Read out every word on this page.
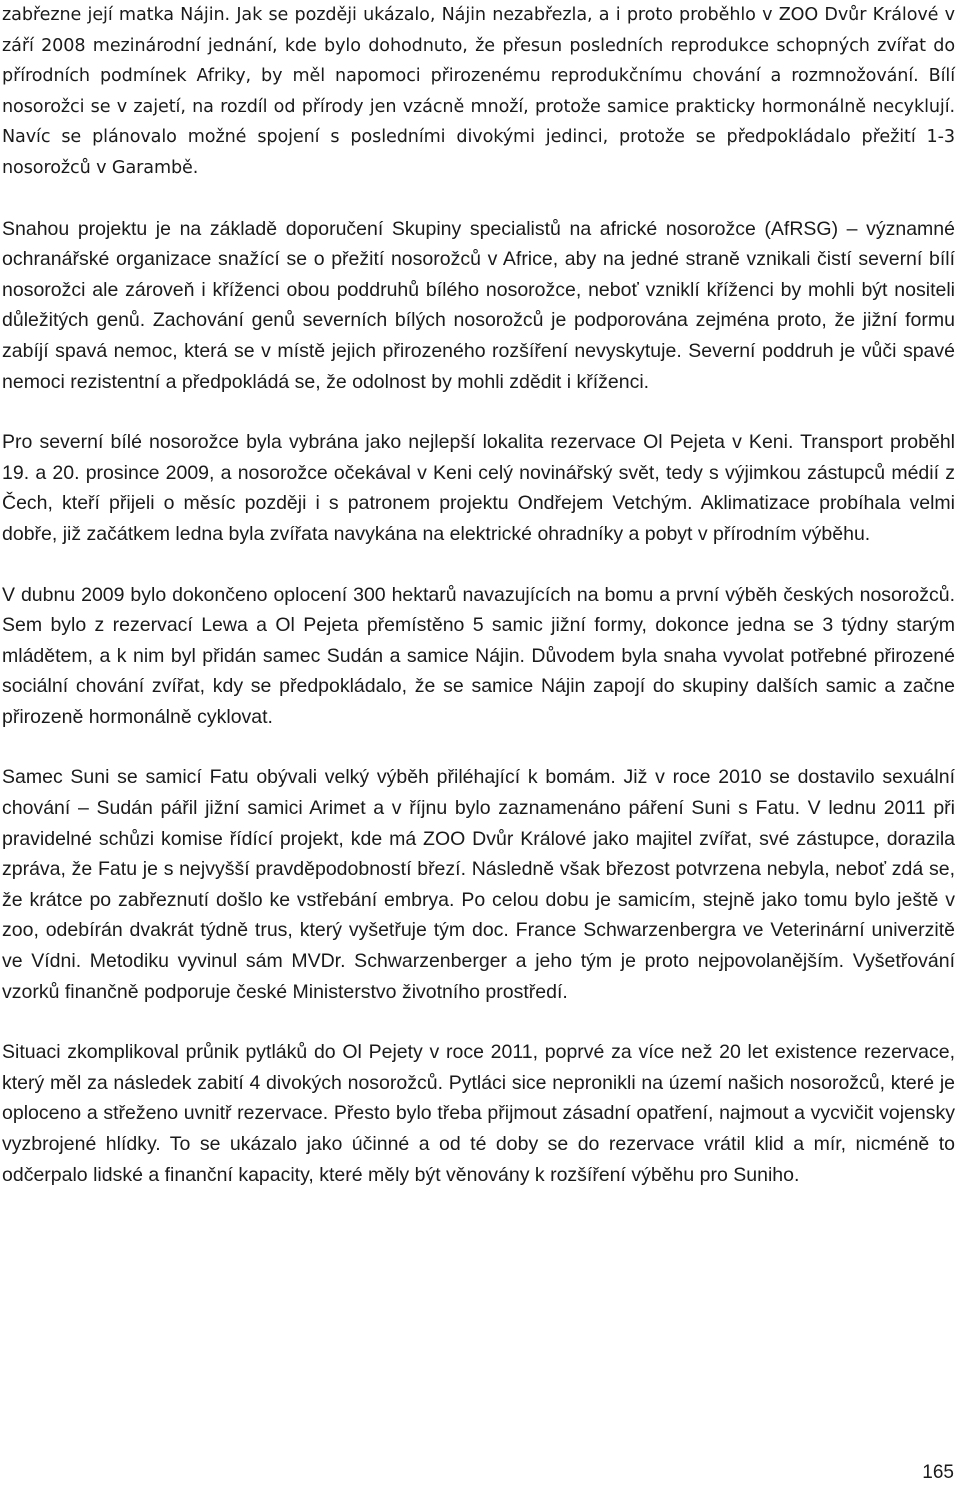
zabřezne její matka Nájin. Jak se později ukázalo, Nájin nezabřezla, a i proto proběhlo v ZOO Dvůr Králové v září 2008 mezinárodní jednání, kde bylo dohodnuto, že přesun posledních reprodukce schopných zvířat do přírodních podmínek Afriky, by měl napomoci přirozenému reprodukčnímu chování a rozmnožování. Bílí nosorožci se v zajetí, na rozdíl od přírody jen vzácně množí, protože samice prakticky hormonálně necyklují. Navíc se plánovalo možné spojení s posledními divokými jedinci, protože se předpokládalo přežití 1-3 nosorožců v Garambě.

Snahou projektu je na základě doporučení Skupiny specialistů na africké nosorožce (AfRSG) – významné ochranářské organizace snažící se o přežití nosorožců v Africe, aby na jedné straně vznikali čistí severní bílí nosorožci ale zároveň i kříženci obou poddruhů bílého nosorožce, neboť vzniklí kříženci by mohli být nositeli důležitých genů. Zachování genů severních bílých nosorožců je podporována zejména proto, že jižní formu zabíjí spavá nemoc, která se v místě jejich přirozeného rozšíření nevyskytuje. Severní poddruh je vůči spavé nemoci rezistentní a předpokládá se, že odolnost by mohli zdědit i kříženci.

Pro severní bílé nosorožce byla vybrána jako nejlepší lokalita rezervace Ol Pejeta v Keni. Transport proběhl 19. a 20. prosince 2009, a nosorožce očekával v Keni celý novinářský svět, tedy s výjimkou zástupců médií z Čech, kteří přijeli o měsíc později i s patronem projektu Ondřejem Vetchým. Aklimatizace probíhala velmi dobře, již začátkem ledna byla zvířata navykána na elektrické ohradníky a pobyt v přírodním výběhu.

V dubnu 2009 bylo dokončeno oplocení 300 hektarů navazujících na bomu a první výběh českých nosorožců. Sem bylo z rezervací Lewa a Ol Pejeta přemístěno 5 samic jižní formy, dokonce jedna se 3 týdny starým mládětem, a k nim byl přidán samec Sudán a samice Nájin. Důvodem byla snaha vyvolat potřebné přirozené sociální chování zvířat, kdy se předpokládalo, že se samice Nájin zapojí do skupiny dalších samic a začne přirozeně hormonálně cyklovat.

Samec Suni se samicí Fatu obývali velký výběh přiléhající k bomám. Již v roce 2010 se dostavilo sexuální chování – Sudán pářil jižní samici Arimet a v říjnu bylo zaznamenáno páření Suni s Fatu. V lednu 2011 při pravidelné schůzi komise řídící projekt, kde má ZOO Dvůr Králové jako majitel zvířat, své zástupce, dorazila zpráva, že Fatu je s nejvyšší pravděpodobností březí. Následně však březost potvrzena nebyla, neboť zdá se, že krátce po zabřeznutí došlo ke vstřebání embrya. Po celou dobu je samicím, stejně jako tomu bylo ještě v zoo, odebírán dvakrát týdně trus, který vyšetřuje tým doc. France Schwarzenbergra ve Veterinární univerzitě ve Vídni. Metodiku vyvinul sám MVDr. Schwarzenberger a jeho tým je proto nejpovolanějším. Vyšetřování vzorků finančně podporuje české Ministerstvo životního prostředí.

Situaci zkomplikoval průnik pytláků do Ol Pejety v roce 2011, poprvé za více než 20 let existence rezervace, který měl za následek zabití 4 divokých nosorožců. Pytláci sice nepronikli na území našich nosorožců, které je oploceno a střeženo uvnitř rezervace. Přesto bylo třeba přijmout zásadní opatření, najmout a vycvičit vojensky vyzbrojené hlídky. To se ukázalo jako účinné a od té doby se do rezervace vrátil klid a mír, nicméně to odčerpalo lidské a finanční kapacity, které měly být věnovány k rozšíření výběhu pro Suniho.

165
